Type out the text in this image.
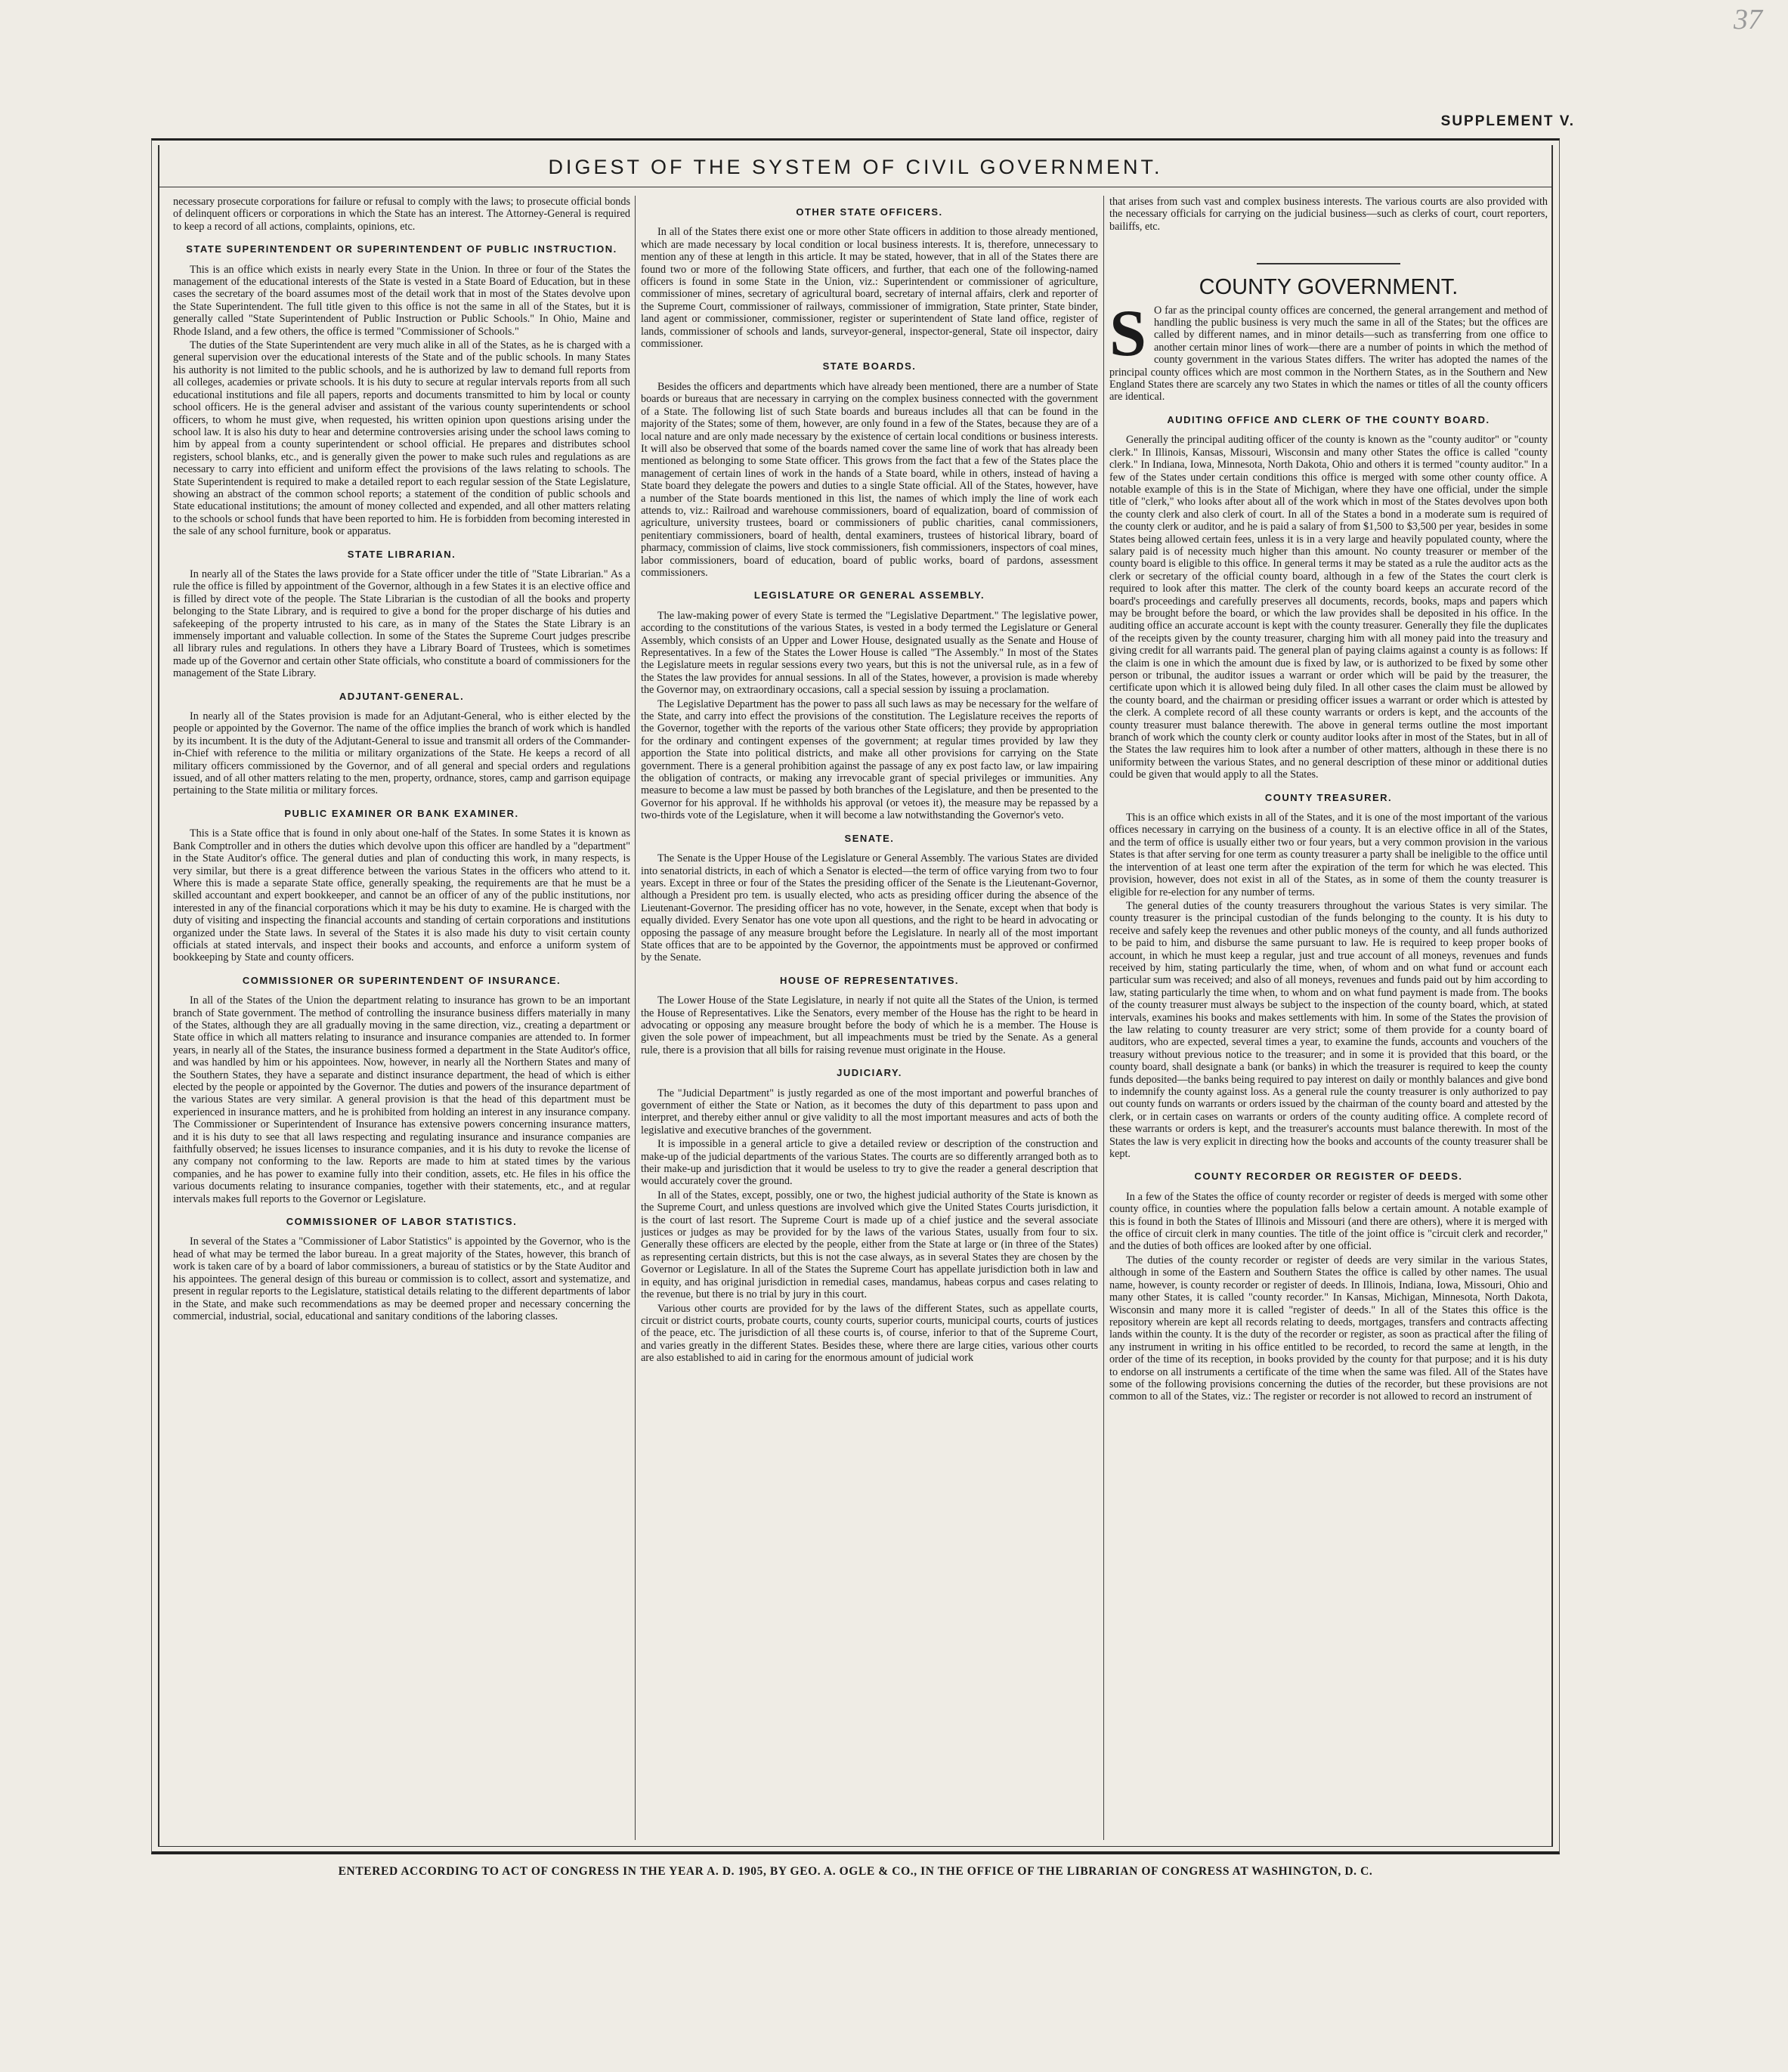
37
SUPPLEMENT V.
DIGEST OF THE SYSTEM OF CIVIL GOVERNMENT.

necessary prosecute corporations for failure or refusal to comply with the laws; to prosecute official bonds of delinquent officers or corporations in which the State has an interest. The Attorney-General is required to keep a record of all actions, complaints, opinions, etc.

STATE SUPERINTENDENT OR SUPERINTENDENT OF PUBLIC INSTRUCTION.

This is an office which exists in nearly every State in the Union. In three or four of the States the management of the educational interests of the State is vested in a State Board of Education, but in these cases the secretary of the board assumes most of the detail work that in most of the States devolve upon the State Superintendent. The full title given to this office is not the same in all of the States, but it is generally called "State Superintendent of Public Instruction or Public Schools." In Ohio, Maine and Rhode Island, and a few others, the office is termed "Commissioner of Schools."

The duties of the State Superintendent are very much alike in all of the States, as he is charged with a general supervision over the educational interests of the State and of the public schools. In many States his authority is not limited to the public schools, and he is authorized by law to demand full reports from all colleges, academies or private schools. It is his duty to secure at regular intervals reports from all such educational institutions and file all papers, reports and documents transmitted to him by local or county school officers. He is the general adviser and assistant of the various county superintendents or school officers, to whom he must give, when requested, his written opinion upon questions arising under the school law. It is also his duty to hear and determine controversies arising under the school laws coming to him by appeal from a county superintendent or school official. He prepares and distributes school registers, school blanks, etc., and is generally given the power to make such rules and regulations as are necessary to carry into efficient and uniform effect the provisions of the laws relating to schools. The State Superintendent is required to make a detailed report to each regular session of the State Legislature, showing an abstract of the common school reports; a statement of the condition of public schools and State educational institutions; the amount of money collected and expended, and all other matters relating to the schools or school funds that have been reported to him. He is forbidden from becoming interested in the sale of any school furniture, book or apparatus.

STATE LIBRARIAN.

In nearly all of the States the laws provide for a State officer under the title of "State Librarian." As a rule the office is filled by appointment of the Governor, although in a few States it is an elective office and is filled by direct vote of the people. The State Librarian is the custodian of all the books and property belonging to the State Library, and is required to give a bond for the proper discharge of his duties and safekeeping of the property intrusted to his care, as in many of the States the State Library is an immensely important and valuable collection. In some of the States the Supreme Court judges prescribe all library rules and regulations. In others they have a Library Board of Trustees, which is sometimes made up of the Governor and certain other State officials, who constitute a board of commissioners for the management of the State Library.

ADJUTANT-GENERAL.

In nearly all of the States provision is made for an Adjutant-General, who is either elected by the people or appointed by the Governor. The name of the office implies the branch of work which is handled by its incumbent. It is the duty of the Adjutant-General to issue and transmit all orders of the Commander-in-Chief with reference to the militia or military organizations of the State. He keeps a record of all military officers commissioned by the Governor, and of all general and special orders and regulations issued, and of all other matters relating to the men, property, ordnance, stores, camp and garrison equipage pertaining to the State militia or military forces.

PUBLIC EXAMINER OR BANK EXAMINER.

This is a State office that is found in only about one-half of the States. In some States it is known as Bank Comptroller and in others the duties which devolve upon this officer are handled by a "department" in the State Auditor's office. The general duties and plan of conducting this work, in many respects, is very similar, but there is a great difference between the various States in the officers who attend to it. Where this is made a separate State office, generally speaking, the requirements are that he must be a skilled accountant and expert bookkeeper, and cannot be an officer of any of the public institutions, nor interested in any of the financial corporations which it may be his duty to examine. He is charged with the duty of visiting and inspecting the financial accounts and standing of certain corporations and institutions organized under the State laws. In several of the States it is also made his duty to visit certain county officials at stated intervals, and inspect their books and accounts, and enforce a uniform system of bookkeeping by State and county officers.

COMMISSIONER OR SUPERINTENDENT OF INSURANCE.

In all of the States of the Union the department relating to insurance has grown to be an important branch of State government. The method of controlling the insurance business differs materially in many of the States, although they are all gradually moving in the same direction, viz., creating a department or State office in which all matters relating to insurance and insurance companies are attended to. In former years, in nearly all of the States, the insurance business formed a department in the State Auditor's office, and was handled by him or his appointees. Now, however, in nearly all the Northern States and many of the Southern States, they have a separate and distinct insurance department, the head of which is either elected by the people or appointed by the Governor. The duties and powers of the insurance department of the various States are very similar. A general provision is that the head of this department must be experienced in insurance matters, and he is prohibited from holding an interest in any insurance company. The Commissioner or Superintendent of Insurance has extensive powers concerning insurance matters, and it is his duty to see that all laws respecting and regulating insurance and insurance companies are faithfully observed; he issues licenses to insurance companies, and it is his duty to revoke the license of any company not conforming to the law. Reports are made to him at stated times by the various companies, and he has power to examine fully into their condition, assets, etc. He files in his office the various documents relating to insurance companies, together with their statements, etc., and at regular intervals makes full reports to the Governor or Legislature.

COMMISSIONER OF LABOR STATISTICS.

In several of the States a "Commissioner of Labor Statistics" is appointed by the Governor, who is the head of what may be termed the labor bureau. In a great majority of the States, however, this branch of work is taken care of by a board of labor commissioners, a bureau of statistics or by the State Auditor and his appointees. The general design of this bureau or commission is to collect, assort and systematize, and present in regular reports to the Legislature, statistical details relating to the different departments of labor in the State, and make such recommendations as may be deemed proper and necessary concerning the commercial, industrial, social, educational and sanitary conditions of the laboring classes.

OTHER STATE OFFICERS.

In all of the States there exist one or more other State officers in addition to those already mentioned, which are made necessary by local condition or local business interests. It is, therefore, unnecessary to mention any of these at length in this article. It may be stated, however, that in all of the States there are found two or more of the following State officers, and further, that each one of the following-named officers is found in some State in the Union, viz.: Superintendent or commissioner of agriculture, commissioner of mines, secretary of agricultural board, secretary of internal affairs, clerk and reporter of the Supreme Court, commissioner of railways, commissioner of immigration, State printer, State binder, land agent or commissioner, commissioner, register or superintendent of State land office, register of lands, commissioner of schools and lands, surveyor-general, inspector-general, State oil inspector, dairy commissioner.

STATE BOARDS.

Besides the officers and departments which have already been mentioned, there are a number of State boards or bureaus that are necessary in carrying on the complex business connected with the government of a State. The following list of such State boards and bureaus includes all that can be found in the majority of the States; some of them, however, are only found in a few of the States, because they are of a local nature and are only made necessary by the existence of certain local conditions or business interests. It will also be observed that some of the boards named cover the same line of work that has already been mentioned as belonging to some State officer. This grows from the fact that a few of the States place the management of certain lines of work in the hands of a State board, while in others, instead of having a State board they delegate the powers and duties to a single State official. All of the States, however, have a number of the State boards mentioned in this list, the names of which imply the line of work each attends to, viz.: Railroad and warehouse commissioners, board of equalization, board of commission of agriculture, university trustees, board or commissioners of public charities, canal commissioners, penitentiary commissioners, board of health, dental examiners, trustees of historical library, board of pharmacy, commission of claims, live stock commissioners, fish commissioners, inspectors of coal mines, labor commissioners, board of education, board of public works, board of pardons, assessment commissioners.

LEGISLATURE OR GENERAL ASSEMBLY.

The law-making power of every State is termed the "Legislative Department." The legislative power, according to the constitutions of the various States, is vested in a body termed the Legislature or General Assembly, which consists of an Upper and Lower House, designated usually as the Senate and House of Representatives. In a few of the States the Lower House is called "The Assembly." In most of the States the Legislature meets in regular sessions every two years, but this is not the universal rule, as in a few of the States the law provides for annual sessions. In all of the States, however, a provision is made whereby the Governor may, on extraordinary occasions, call a special session by issuing a proclamation.

The Legislative Department has the power to pass all such laws as may be necessary for the welfare of the State, and carry into effect the provisions of the constitution. The Legislature receives the reports of the Governor, together with the reports of the various other State officers; they provide by appropriation for the ordinary and contingent expenses of the government; at regular times provided by law they apportion the State into political districts, and make all other provisions for carrying on the State government. There is a general prohibition against the passage of any ex post facto law, or law impairing the obligation of contracts, or making any irrevocable grant of special privileges or immunities. Any measure to become a law must be passed by both branches of the Legislature, and then be presented to the Governor for his approval. If he withholds his approval (or vetoes it), the measure may be repassed by a two-thirds vote of the Legislature, when it will become a law notwithstanding the Governor's veto.

SENATE.

The Senate is the Upper House of the Legislature or General Assembly. The various States are divided into senatorial districts, in each of which a Senator is elected—the term of office varying from two to four years. Except in three or four of the States the presiding officer of the Senate is the Lieutenant-Governor, although a President pro tem. is usually elected, who acts as presiding officer during the absence of the Lieutenant-Governor. The presiding officer has no vote, however, in the Senate, except when that body is equally divided. Every Senator has one vote upon all questions, and the right to be heard in advocating or opposing the passage of any measure brought before the Legislature. In nearly all of the most important State offices that are to be appointed by the Governor, the appointments must be approved or confirmed by the Senate.

HOUSE OF REPRESENTATIVES.

The Lower House of the State Legislature, in nearly if not quite all the States of the Union, is termed the House of Representatives. Like the Senators, every member of the House has the right to be heard in advocating or opposing any measure brought before the body of which he is a member. The House is given the sole power of impeachment, but all impeachments must be tried by the Senate. As a general rule, there is a provision that all bills for raising revenue must originate in the House.

JUDICIARY.

The "Judicial Department" is justly regarded as one of the most important and powerful branches of government of either the State or Nation, as it becomes the duty of this department to pass upon and interpret, and thereby either annul or give validity to all the most important measures and acts of both the legislative and executive branches of the government.

It is impossible in a general article to give a detailed review or description of the construction and make-up of the judicial departments of the various States. The courts are so differently arranged both as to their make-up and jurisdiction that it would be useless to try to give the reader a general description that would accurately cover the ground.

In all of the States, except, possibly, one or two, the highest judicial authority of the State is known as the Supreme Court, and unless questions are involved which give the United States Courts jurisdiction, it is the court of last resort. The Supreme Court is made up of a chief justice and the several associate justices or judges as may be provided for by the laws of the various States, usually from four to six. Generally these officers are elected by the people, either from the State at large or (in three of the States) as representing certain districts, but this is not the case always, as in several States they are chosen by the Governor or Legislature. In all of the States the Supreme Court has appellate jurisdiction both in law and in equity, and has original jurisdiction in remedial cases, mandamus, habeas corpus and cases relating to the revenue, but there is no trial by jury in this court.

Various other courts are provided for by the laws of the different States, such as appellate courts, circuit or district courts, probate courts, county courts, superior courts, municipal courts, courts of justices of the peace, etc. The jurisdiction of all these courts is, of course, inferior to that of the Supreme Court, and varies greatly in the different States. Besides these, where there are large cities, various other courts are also established to aid in caring for the enormous amount of judicial work

that arises from such vast and complex business interests. The various courts are also provided with the necessary officials for carrying on the judicial business—such as clerks of court, court reporters, bailiffs, etc.

COUNTY GOVERNMENT.

S O far as the principal county offices are concerned, the general arrangement and method of handling the public business is very much the same in all of the States; but the offices are called by different names, and in minor details—such as transferring from one office to another certain minor lines of work—there are a number of points in which the method of county government in the various States differs. The writer has adopted the names of the principal county offices which are most common in the Northern States, as in the Southern and New England States there are scarcely any two States in which the names or titles of all the county officers are identical.

AUDITING OFFICE AND CLERK OF THE COUNTY BOARD.

Generally the principal auditing officer of the county is known as the "county auditor" or "county clerk." In Illinois, Kansas, Missouri, Wisconsin and many other States the office is called "county clerk." In Indiana, Iowa, Minnesota, North Dakota, Ohio and others it is termed "county auditor." In a few of the States under certain conditions this office is merged with some other county office. A notable example of this is in the State of Michigan, where they have one official, under the simple title of "clerk," who looks after about all of the work which in most of the States devolves upon both the county clerk and also clerk of court. In all of the States a bond in a moderate sum is required of the county clerk or auditor, and he is paid a salary of from $1,500 to $3,500 per year, besides in some States being allowed certain fees, unless it is in a very large and heavily populated county, where the salary paid is of necessity much higher than this amount. No county treasurer or member of the county board is eligible to this office. In general terms it may be stated as a rule the auditor acts as the clerk or secretary of the official county board, although in a few of the States the court clerk is required to look after this matter. The clerk of the county board keeps an accurate record of the board's proceedings and carefully preserves all documents, records, books, maps and papers which may be brought before the board, or which the law provides shall be deposited in his office. In the auditing office an accurate account is kept with the county treasurer. Generally they file the duplicates of the receipts given by the county treasurer, charging him with all money paid into the treasury and giving credit for all warrants paid. The general plan of paying claims against a county is as follows: If the claim is one in which the amount due is fixed by law, or is authorized to be fixed by some other person or tribunal, the auditor issues a warrant or order which will be paid by the treasurer, the certificate upon which it is allowed being duly filed. In all other cases the claim must be allowed by the county board, and the chairman or presiding officer issues a warrant or order which is attested by the clerk. A complete record of all these county warrants or orders is kept, and the accounts of the county treasurer must balance therewith. The above in general terms outline the most important branch of work which the county clerk or county auditor looks after in most of the States, but in all of the States the law requires him to look after a number of other matters, although in these there is no uniformity between the various States, and no general description of these minor or additional duties could be given that would apply to all the States.

COUNTY TREASURER.

This is an office which exists in all of the States, and it is one of the most important of the various offices necessary in carrying on the business of a county. It is an elective office in all of the States, and the term of office is usually either two or four years, but a very common provision in the various States is that after serving for one term as county treasurer a party shall be ineligible to the office until the intervention of at least one term after the expiration of the term for which he was elected. This provision, however, does not exist in all of the States, as in some of them the county treasurer is eligible for re-election for any number of terms.

The general duties of the county treasurers throughout the various States is very similar. The county treasurer is the principal custodian of the funds belonging to the county. It is his duty to receive and safely keep the revenues and other public moneys of the county, and all funds authorized to be paid to him, and disburse the same pursuant to law. He is required to keep proper books of account, in which he must keep a regular, just and true account of all moneys, revenues and funds received by him, stating particularly the time, when, of whom and on what fund or account each particular sum was received; and also of all moneys, revenues and funds paid out by him according to law, stating particularly the time when, to whom and on what fund payment is made from. The books of the county treasurer must always be subject to the inspection of the county board, which, at stated intervals, examines his books and makes settlements with him. In some of the States the provision of the law relating to county treasurer are very strict; some of them provide for a county board of auditors, who are expected, several times a year, to examine the funds, accounts and vouchers of the treasury without previous notice to the treasurer; and in some it is provided that this board, or the county board, shall designate a bank (or banks) in which the treasurer is required to keep the county funds deposited—the banks being required to pay interest on daily or monthly balances and give bond to indemnify the county against loss. As a general rule the county treasurer is only authorized to pay out county funds on warrants or orders issued by the chairman of the county board and attested by the clerk, or in certain cases on warrants or orders of the county auditing office. A complete record of these warrants or orders is kept, and the treasurer's accounts must balance therewith. In most of the States the law is very explicit in directing how the books and accounts of the county treasurer shall be kept.

COUNTY RECORDER OR REGISTER OF DEEDS.

In a few of the States the office of county recorder or register of deeds is merged with some other county office, in counties where the population falls below a certain amount. A notable example of this is found in both the States of Illinois and Missouri (and there are others), where it is merged with the office of circuit clerk in many counties. The title of the joint office is "circuit clerk and recorder," and the duties of both offices are looked after by one official.

The duties of the county recorder or register of deeds are very similar in the various States, although in some of the Eastern and Southern States the office is called by other names. The usual name, however, is county recorder or register of deeds. In Illinois, Indiana, Iowa, Missouri, Ohio and many other States, it is called "county recorder." In Kansas, Michigan, Minnesota, North Dakota, Wisconsin and many more it is called "register of deeds." In all of the States this office is the repository wherein are kept all records relating to deeds, mortgages, transfers and contracts affecting lands within the county. It is the duty of the recorder or register, as soon as practical after the filing of any instrument in writing in his office entitled to be recorded, to record the same at length, in the order of the time of its reception, in books provided by the county for that purpose; and it is his duty to endorse on all instruments a certificate of the time when the same was filed. All of the States have some of the following provisions concerning the duties of the recorder, but these provisions are not common to all of the States, viz.: The register or recorder is not allowed to record an instrument of

ENTERED ACCORDING TO ACT OF CONGRESS IN THE YEAR A. D. 1905, BY GEO. A. OGLE & CO., IN THE OFFICE OF THE LIBRARIAN OF CONGRESS AT WASHINGTON, D. C.
